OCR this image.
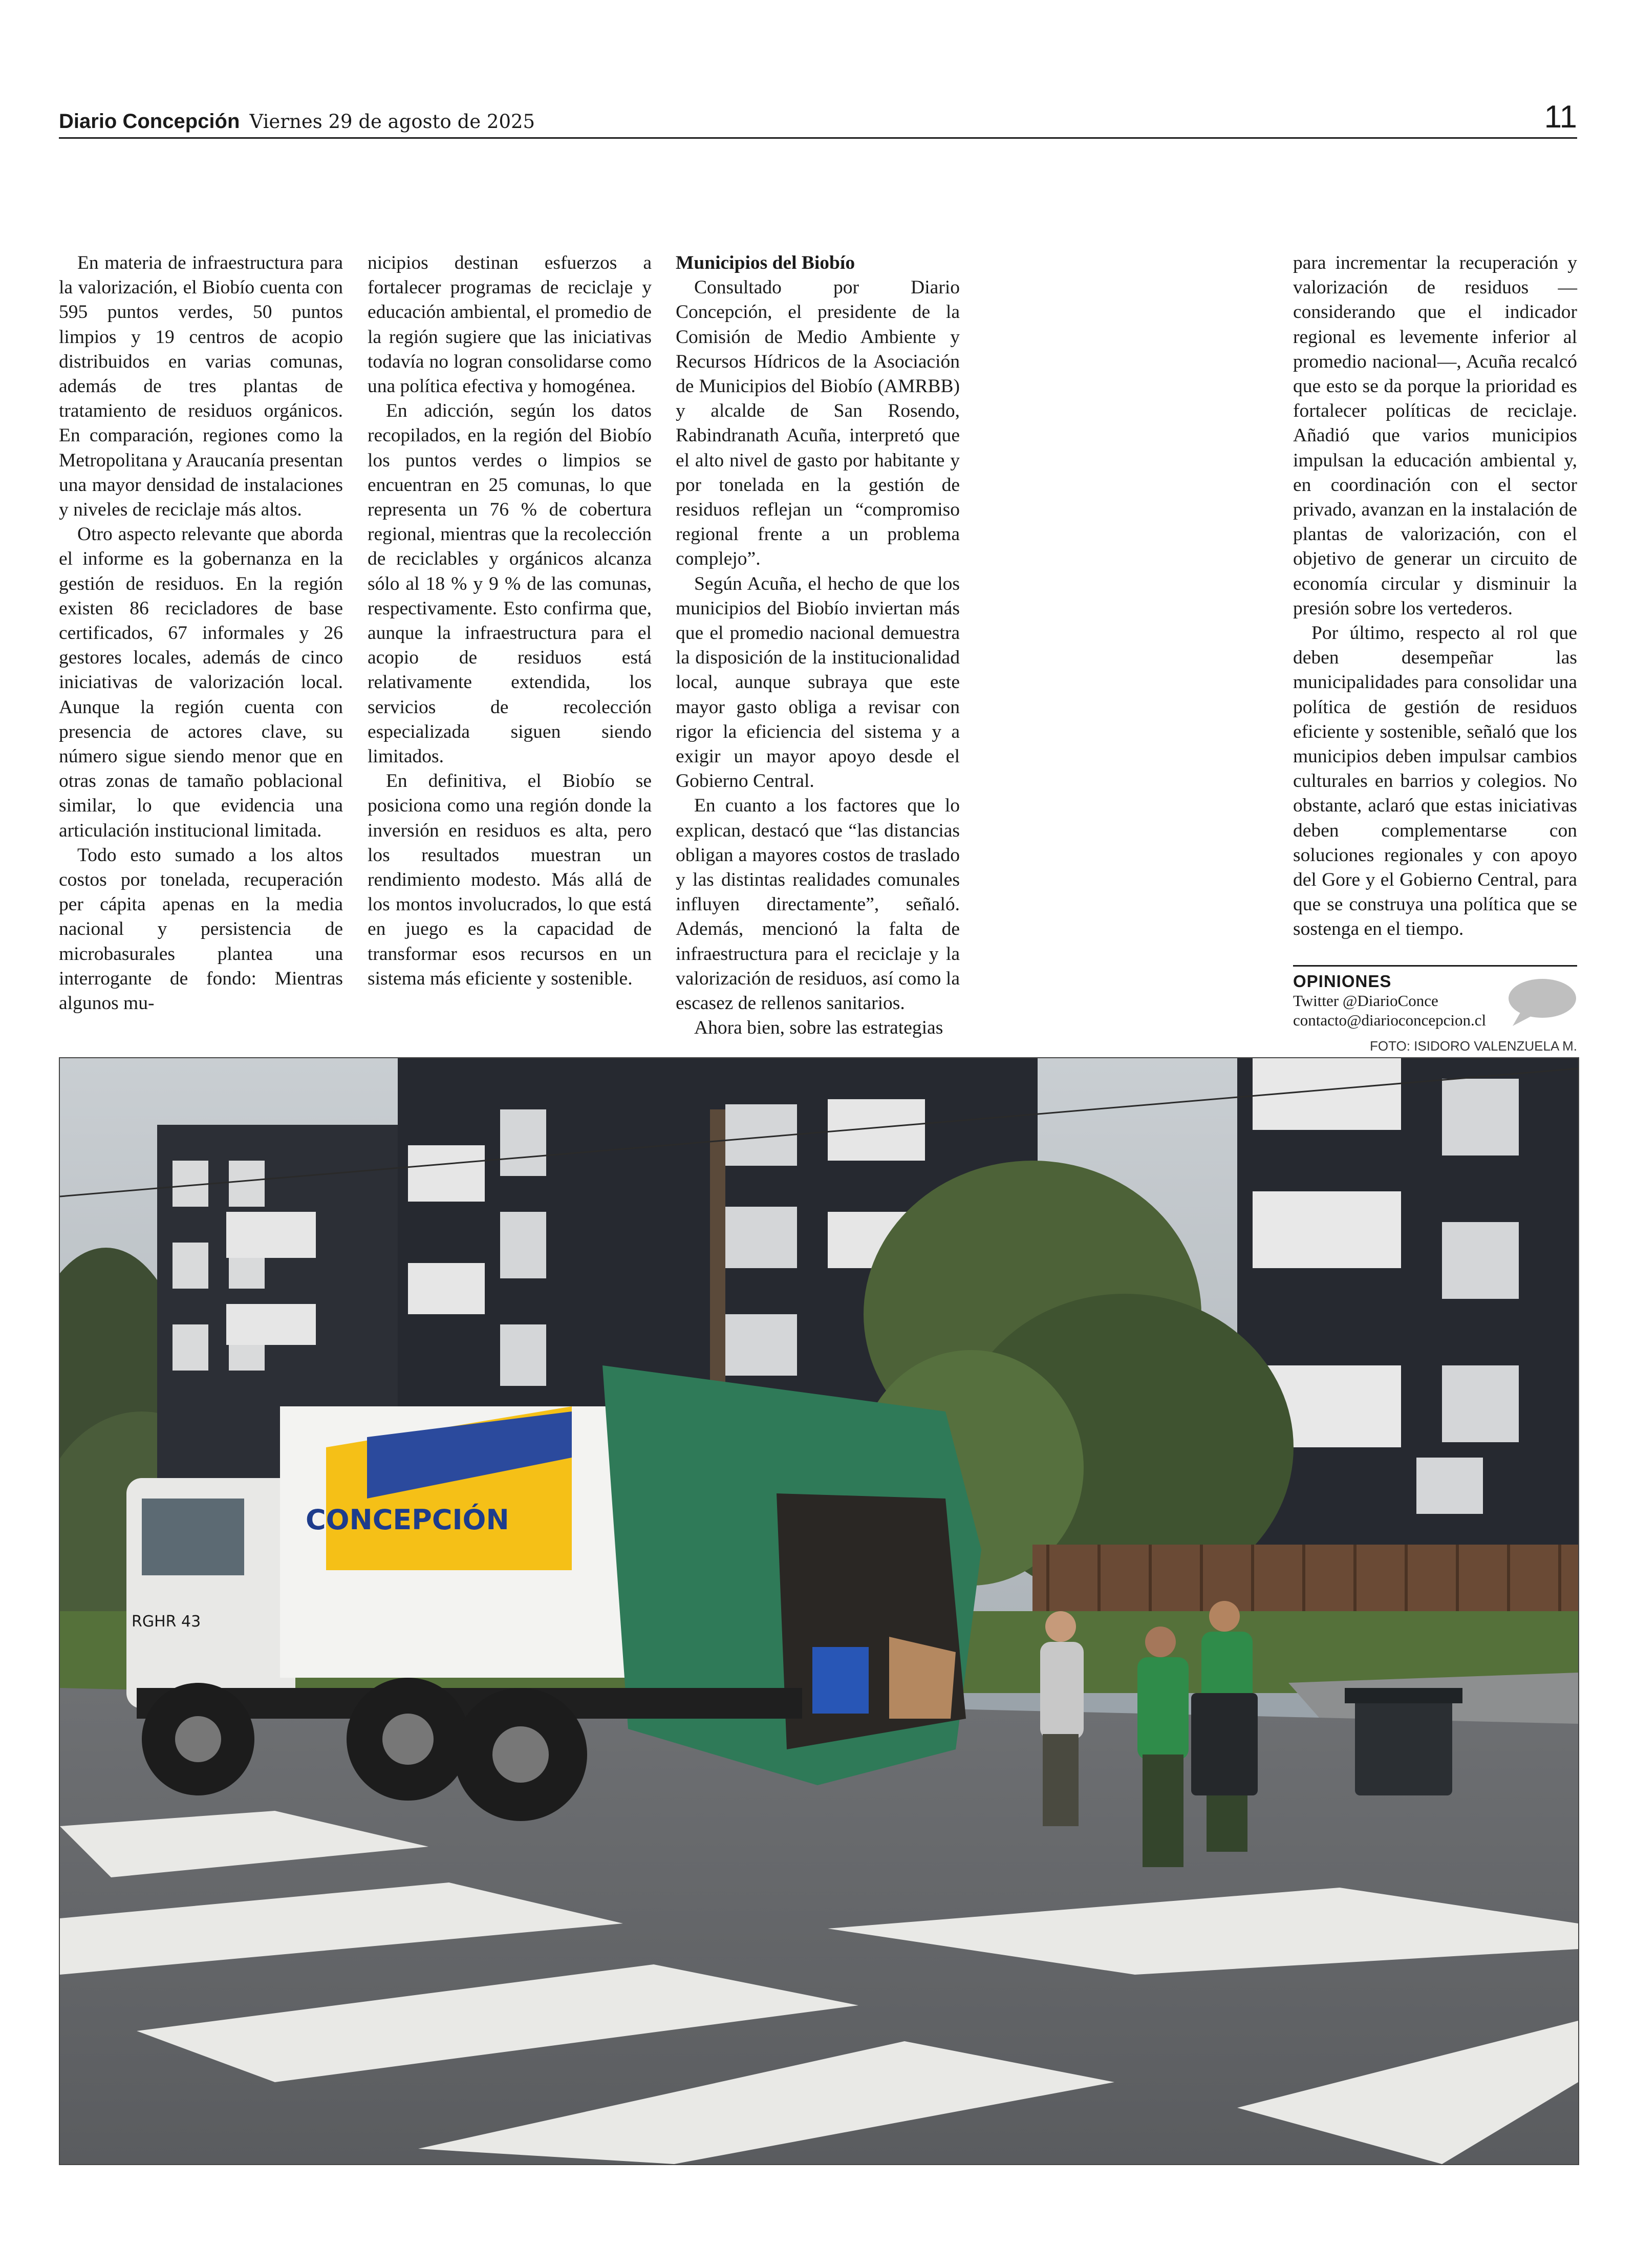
Diario Concepción Viernes 29 de agosto de 2025	11

En materia de infraestructura para la valorización, el Biobío cuenta con 595 puntos verdes, 50 puntos limpios y 19 centros de acopio distribuidos en varias comunas, además de tres plantas de tratamiento de residuos orgánicos. En comparación, regiones como la Metropolitana y Araucanía presentan una mayor densidad de instalaciones y niveles de reciclaje más altos.

Otro aspecto relevante que aborda el informe es la gobernanza en la gestión de residuos. En la región existen 86 recicladores de base certificados, 67 informales y 26 gestores locales, además de cinco iniciativas de valorización local. Aunque la región cuenta con presencia de actores clave, su número sigue siendo menor que en otras zonas de tamaño poblacional similar, lo que evidencia una articulación institucional limitada.

Todo esto sumado a los altos costos por tonelada, recuperación per cápita apenas en la media nacional y persistencia de microbasurales plantea una interrogante de fondo: Mientras algunos mu-

nicipios destinan esfuerzos a fortalecer programas de reciclaje y educación ambiental, el promedio de la región sugiere que las iniciativas todavía no logran consolidarse como una política efectiva y homogénea.

En adicción, según los datos recopilados, en la región del Biobío los puntos verdes o limpios se encuentran en 25 comunas, lo que representa un 76 % de cobertura regional, mientras que la recolección de reciclables y orgánicos alcanza sólo al 18 % y 9 % de las comunas, respectivamente. Esto confirma que, aunque la infraestructura para el acopio de residuos está relativamente extendida, los servicios de recolección especializada siguen siendo limitados.

En definitiva, el Biobío se posiciona como una región donde la inversión en residuos es alta, pero los resultados muestran un rendimiento modesto. Más allá de los montos involucrados, lo que está en juego es la capacidad de transformar esos recursos en un sistema más eficiente y sostenible.

Municipios del Biobío

Consultado por Diario Concepción, el presidente de la Comisión de Medio Ambiente y Recursos Hídricos de la Asociación de Municipios del Biobío (AMRBB) y alcalde de San Rosendo, Rabindranath Acuña, interpretó que el alto nivel de gasto por habitante y por tonelada en la gestión de residuos reflejan un “compromiso regional frente a un problema complejo”.

Según Acuña, el hecho de que los municipios del Biobío inviertan más que el promedio nacional demuestra la disposición de la institucionalidad local, aunque subraya que este mayor gasto obliga a revisar con rigor la eficiencia del sistema y a exigir un mayor apoyo desde el Gobierno Central.

En cuanto a los factores que lo explican, destacó que “las distancias obligan a mayores costos de traslado y las distintas realidades comunales influyen directamente”, señaló. Además, mencionó la falta de infraestructura para el reciclaje y la valorización de residuos, así como la escasez de rellenos sanitarios.

Ahora bien, sobre las estrategias

para incrementar la recuperación y valorización de residuos —considerando que el indicador regional es levemente inferior al promedio nacional—, Acuña recalcó que esto se da porque la prioridad es fortalecer políticas de reciclaje. Añadió que varios municipios impulsan la educación ambiental y, en coordinación con el sector privado, avanzan en la instalación de plantas de valorización, con el objetivo de generar un circuito de economía circular y disminuir la presión sobre los vertederos.

Por último, respecto al rol que deben desempeñar las municipalidades para consolidar una política de gestión de residuos eficiente y sostenible, señaló que los municipios deben impulsar cambios culturales en barrios y colegios. No obstante, aclaró que estas iniciativas deben complementarse con soluciones regionales y con apoyo del Gore y el Gobierno Central, para que se construya una política que se sostenga en el tiempo.

OPINIONES
Twitter @DiarioConce
contacto@diarioconcepcion.cl
FOTO: ISIDORO VALENZUELA M.
CONCEPCIÓN
RGHR 43
